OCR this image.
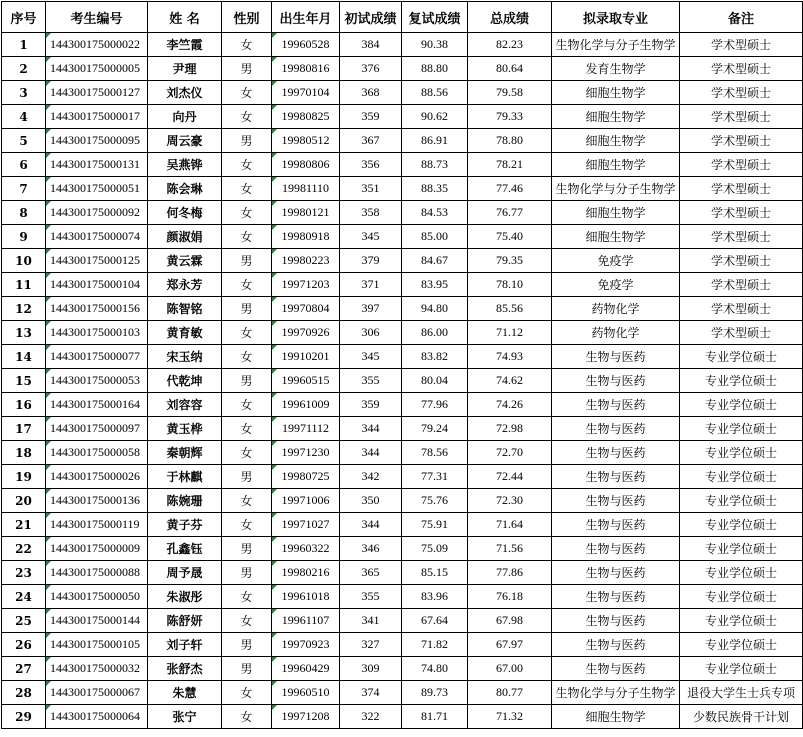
序号	考生编号	姓 名	性别	出生年月	初试成绩	复试成绩	总成绩	拟录取专业	备注
1	144300175000022	李竺霞	女	19960528	384	90.38	82.23	生物化学与分子生物学	学术型硕士
2	144300175000005	尹理	男	19980816	376	88.80	80.64	发育生物学	学术型硕士
3	144300175000127	刘杰仪	女	19970104	368	88.56	79.58	细胞生物学	学术型硕士
4	144300175000017	向丹	女	19980825	359	90.62	79.33	细胞生物学	学术型硕士
5	144300175000095	周云豪	男	19980512	367	86.91	78.80	细胞生物学	学术型硕士
6	144300175000131	吴燕铧	女	19980806	356	88.73	78.21	细胞生物学	学术型硕士
7	144300175000051	陈会琳	女	19981110	351	88.35	77.46	生物化学与分子生物学	学术型硕士
8	144300175000092	何冬梅	女	19980121	358	84.53	76.77	细胞生物学	学术型硕士
9	144300175000074	颜淑娟	女	19980918	345	85.00	75.40	细胞生物学	学术型硕士
10	144300175000125	黄云霖	男	19980223	379	84.67	79.35	免疫学	学术型硕士
11	144300175000104	郑永芳	女	19971203	371	83.95	78.10	免疫学	学术型硕士
12	144300175000156	陈智铭	男	19970804	397	94.80	85.56	药物化学	学术型硕士
13	144300175000103	黄育敏	女	19970926	306	86.00	71.12	药物化学	学术型硕士
14	144300175000077	宋玉纳	女	19910201	345	83.82	74.93	生物与医药	专业学位硕士
15	144300175000053	代乾坤	男	19960515	355	80.04	74.62	生物与医药	专业学位硕士
16	144300175000164	刘容容	女	19961009	359	77.96	74.26	生物与医药	专业学位硕士
17	144300175000097	黄玉桦	女	19971112	344	79.24	72.98	生物与医药	专业学位硕士
18	144300175000058	秦朝辉	女	19971230	344	78.56	72.70	生物与医药	专业学位硕士
19	144300175000026	于林麒	男	19980725	342	77.31	72.44	生物与医药	专业学位硕士
20	144300175000136	陈婉珊	女	19971006	350	75.76	72.30	生物与医药	专业学位硕士
21	144300175000119	黄子芬	女	19971027	344	75.91	71.64	生物与医药	专业学位硕士
22	144300175000009	孔鑫钰	男	19960322	346	75.09	71.56	生物与医药	专业学位硕士
23	144300175000088	周予晟	男	19980216	365	85.15	77.86	生物与医药	专业学位硕士
24	144300175000050	朱淑彤	女	19961018	355	83.96	76.18	生物与医药	专业学位硕士
25	144300175000144	陈舒妍	女	19961107	341	67.64	67.98	生物与医药	专业学位硕士
26	144300175000105	刘子轩	男	19970923	327	71.82	67.97	生物与医药	专业学位硕士
27	144300175000032	张舒杰	男	19960429	309	74.80	67.00	生物与医药	专业学位硕士
28	144300175000067	朱慧	女	19960510	374	89.73	80.77	生物化学与分子生物学	退役大学生士兵专项
29	144300175000064	张宁	女	19971208	322	81.71	71.32	细胞生物学	少数民族骨干计划
